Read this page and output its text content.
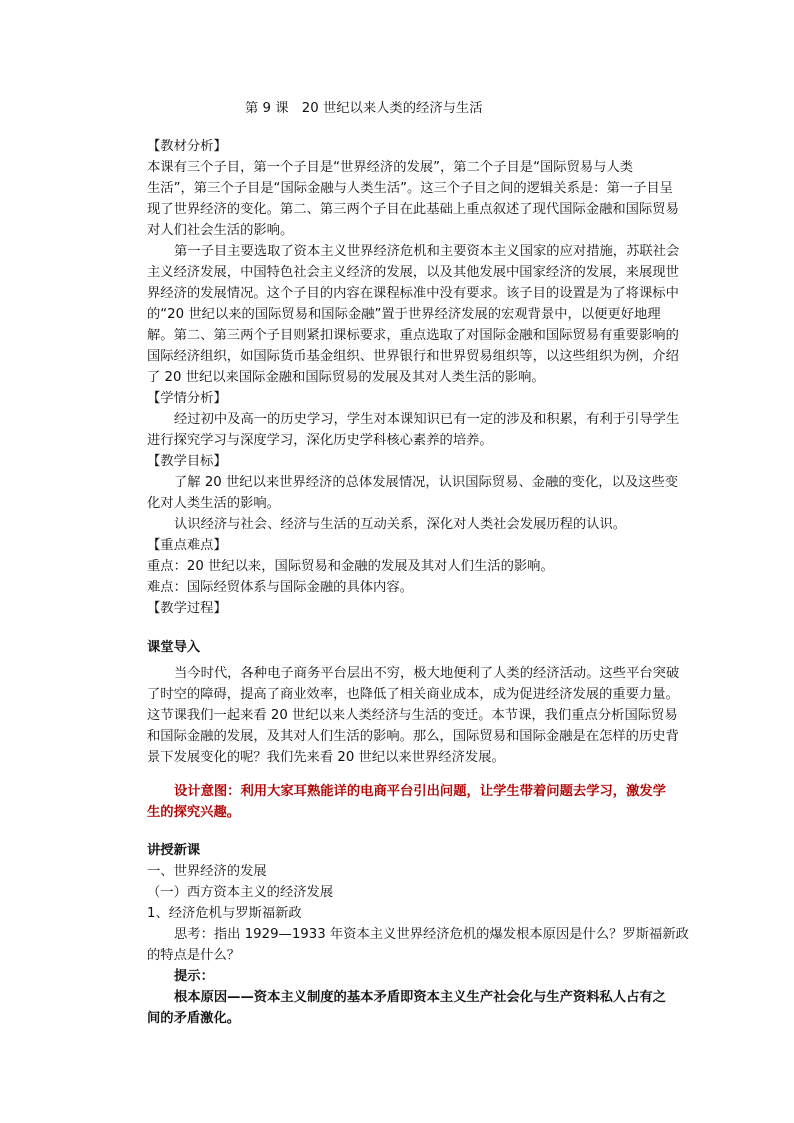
第 9 课　20 世纪以来人类的经济与生活
【教材分析】
本课有三个子目，第一个子目是“世界经济的发展”，第二个子目是“国际贸易与人类
生活”，第三个子目是“国际金融与人类生活”。这三个子目之间的逻辑关系是：第一子目呈
现了世界经济的变化。第二、第三两个子目在此基础上重点叙述了现代国际金融和国际贸易
对人们社会生活的影响。
第一子目主要选取了资本主义世界经济危机和主要资本主义国家的应对措施，苏联社会
主义经济发展，中国特色社会主义经济的发展，以及其他发展中国家经济的发展，来展现世
界经济的发展情况。这个子目的内容在课程标准中没有要求。该子目的设置是为了将课标中
的“20 世纪以来的国际贸易和国际金融”置于世界经济发展的宏观背景中，以便更好地理
解。第二、第三两个子目则紧扣课标要求，重点选取了对国际金融和国际贸易有重要影响的
国际经济组织，如国际货币基金组织、世界银行和世界贸易组织等，以这些组织为例，介绍
了 20 世纪以来国际金融和国际贸易的发展及其对人类生活的影响。
【学情分析】
经过初中及高一的历史学习，学生对本课知识已有一定的涉及和积累，有利于引导学生
进行探究学习与深度学习，深化历史学科核心素养的培养。
【教学目标】
了解 20 世纪以来世界经济的总体发展情况，认识国际贸易、金融的变化，以及这些变
化对人类生活的影响。
认识经济与社会、经济与生活的互动关系，深化对人类社会发展历程的认识。
【重点难点】
重点：20 世纪以来，国际贸易和金融的发展及其对人们生活的影响。
难点：国际经贸体系与国际金融的具体内容。
【教学过程】
课堂导入
当今时代，各种电子商务平台层出不穷，极大地便利了人类的经济活动。这些平台突破
了时空的障碍，提高了商业效率，也降低了相关商业成本，成为促进经济发展的重要力量。
这节课我们一起来看 20 世纪以来人类经济与生活的变迁。本节课，我们重点分析国际贸易
和国际金融的发展，及其对人们生活的影响。那么，国际贸易和国际金融是在怎样的历史背
景下发展变化的呢？我们先来看 20 世纪以来世界经济发展。
设计意图：利用大家耳熟能详的电商平台引出问题，让学生带着问题去学习，激发学
生的探究兴趣。
讲授新课
一、世界经济的发展
（一）西方资本主义的经济发展
1、经济危机与罗斯福新政
思考：指出 1929—1933 年资本主义世界经济危机的爆发根本原因是什么？罗斯福新政
的特点是什么？
提示：
根本原因——资本主义制度的基本矛盾即资本主义生产社会化与生产资料私人占有之
间的矛盾激化。
